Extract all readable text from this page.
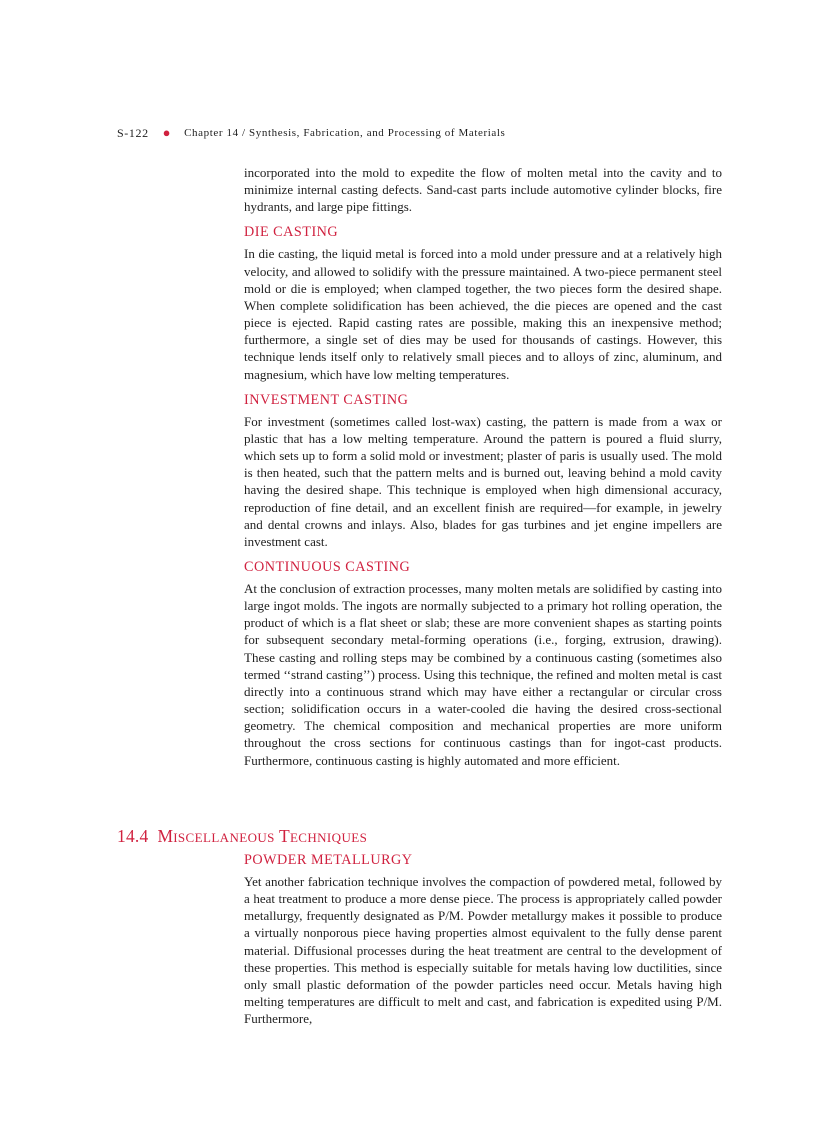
S-122 ● Chapter 14 / Synthesis, Fabrication, and Processing of Materials

incorporated into the mold to expedite the flow of molten metal into the cavity and to minimize internal casting defects. Sand-cast parts include automotive cylinder blocks, fire hydrants, and large pipe fittings.

DIE CASTING

In die casting, the liquid metal is forced into a mold under pressure and at a relatively high velocity, and allowed to solidify with the pressure maintained. A two-piece permanent steel mold or die is employed; when clamped together, the two pieces form the desired shape. When complete solidification has been achieved, the die pieces are opened and the cast piece is ejected. Rapid casting rates are possible, making this an inexpensive method; furthermore, a single set of dies may be used for thousands of castings. However, this technique lends itself only to relatively small pieces and to alloys of zinc, aluminum, and magnesium, which have low melting temperatures.

INVESTMENT CASTING

For investment (sometimes called lost-wax) casting, the pattern is made from a wax or plastic that has a low melting temperature. Around the pattern is poured a fluid slurry, which sets up to form a solid mold or investment; plaster of paris is usually used. The mold is then heated, such that the pattern melts and is burned out, leaving behind a mold cavity having the desired shape. This technique is employed when high dimensional accuracy, reproduction of fine detail, and an excellent finish are required—for example, in jewelry and dental crowns and inlays. Also, blades for gas turbines and jet engine impellers are investment cast.

CONTINUOUS CASTING

At the conclusion of extraction processes, many molten metals are solidified by casting into large ingot molds. The ingots are normally subjected to a primary hot rolling operation, the product of which is a flat sheet or slab; these are more convenient shapes as starting points for subsequent secondary metal-forming operations (i.e., forging, extrusion, drawing). These casting and rolling steps may be combined by a continuous casting (sometimes also termed ‘‘strand casting’’) process. Using this technique, the refined and molten metal is cast directly into a continuous strand which may have either a rectangular or circular cross section; solidification occurs in a water-cooled die having the desired cross-sectional geometry. The chemical composition and mechanical properties are more uniform throughout the cross sections for continuous castings than for ingot-cast products. Furthermore, continuous casting is highly automated and more efficient.

14.4 MISCELLANEOUS TECHNIQUES
POWDER METALLURGY

Yet another fabrication technique involves the compaction of powdered metal, followed by a heat treatment to produce a more dense piece. The process is appropriately called powder metallurgy, frequently designated as P/M. Powder metallurgy makes it possible to produce a virtually nonporous piece having properties almost equivalent to the fully dense parent material. Diffusional processes during the heat treatment are central to the development of these properties. This method is especially suitable for metals having low ductilities, since only small plastic deformation of the powder particles need occur. Metals having high melting temperatures are difficult to melt and cast, and fabrication is expedited using P/M. Furthermore,
